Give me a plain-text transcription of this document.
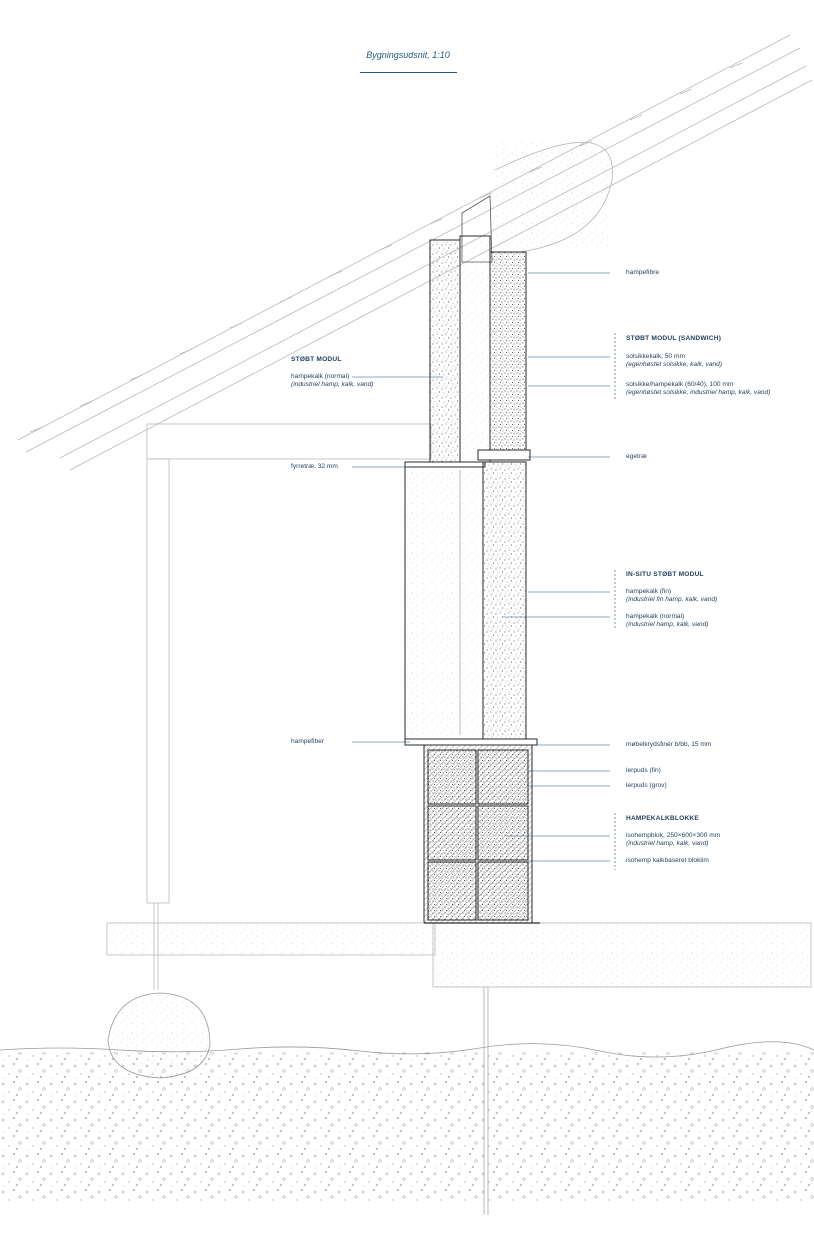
Bygningsudsnit, 1:10
hampefibre
STØBT MODUL (SANDWICH)
solsikkekalk, 50 mm
(egenhøstet solsikke, kalk, vand)
solsikke/hampekalk (60/40), 100 mm
(egenhøstet solsikke, industriel hamp, kalk, vand)
STØBT MODUL
hampekalk (normal)
(industriel hamp, kalk, vand)
egetræ
fyrretræ, 32 mm
IN-SITU STØBT MODUL
hampekalk (fin)
(industriel fin hamp, kalk, vand)
hampekalk (normal)
(industriel hamp, kalk, vand)
hampefiber	møbelkrydsfinér b/bb, 15 mm
lerpuds (fin)
lerpuds (grov)
HAMPEKALKBLOKKE
isohempblok, 250×600×300 mm
(industriel hamp, kalk, vand)
isohemp kalkbaseret bloklim
